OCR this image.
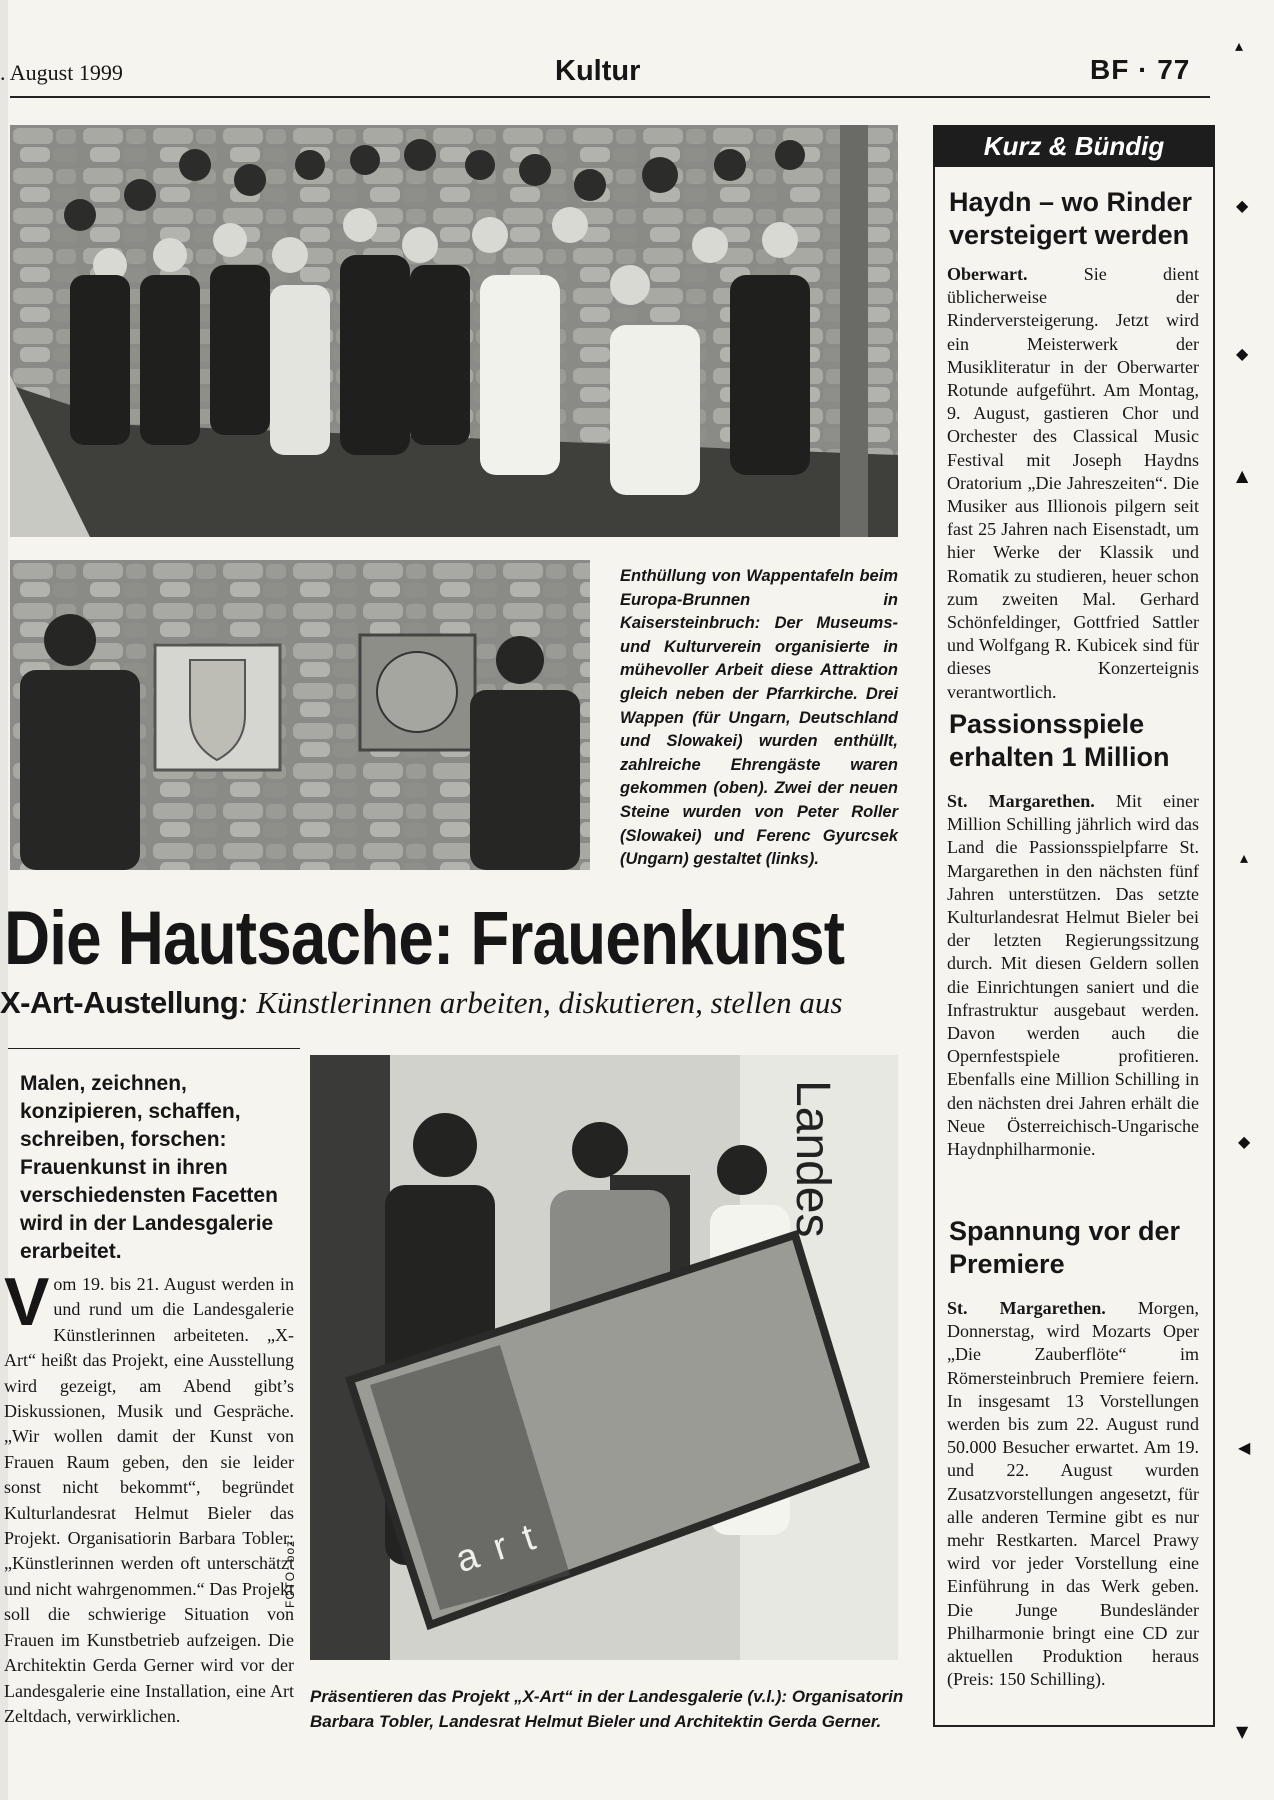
. August 1999	Kultur	BF · 77
Enthüllung von Wappentafeln beim Europa-Brunnen in Kaisersteinbruch: Der Museums- und Kulturverein organisierte in mühevoller Arbeit diese Attraktion gleich neben der Pfarrkirche. Drei Wappen (für Ungarn, Deutschland und Slowakei) wurden enthüllt, zahlreiche Ehrengäste waren gekommen (oben). Zwei der neuen Steine wurden von Peter Roller (Slowakei) und Ferenc Gyurcsek (Ungarn) gestaltet (links).
Die Hautsache: Frauenkunst
X-Art-Austellung: Künstlerinnen arbeiten, diskutieren, stellen aus
Malen, zeichnen, konzipieren, schaffen, schreiben, forschen: Frauenkunst in ihren verschiedensten Facetten wird in der Landesgalerie erarbeitet.
Vom 19. bis 21. August werden in und rund um die Landesgalerie Künstlerinnen arbeiteten. „X-Art“ heißt das Projekt, eine Ausstellung wird gezeigt, am Abend gibt’s Diskussionen, Musik und Gespräche. „Wir wollen damit der Kunst von Frauen Raum geben, den sie leider sonst nicht bekommt“, begründet Kulturlandesrat Helmut Bieler das Projekt. Organisatiorin Barbara Tobler: „Künstlerinnen werden oft unterschätzt und nicht wahrgenommen.“ Das Projekt soll die schwierige Situation von Frauen im Kunstbetrieb aufzeigen. Die Architektin Gerda Gerner wird vor der Landesgalerie eine Installation, eine Art Zeltdach, verwirklichen.
Landes
art
FOTO: boz
Präsentieren das Projekt „X-Art“ in der Landesgalerie (v.l.): Organisatorin Barbara Tobler, Landesrat Helmut Bieler und Architektin Gerda Gerner.
Kurz & Bündig
Haydn – wo Rinder versteigert werden
Oberwart. Sie dient üblicherweise der Rinderversteigerung. Jetzt wird ein Meisterwerk der Musikliteratur in der Oberwarter Rotunde aufgeführt. Am Montag, 9. August, gastieren Chor und Orchester des Classical Music Festival mit Joseph Haydns Oratorium „Die Jahreszeiten“. Die Musiker aus Illionois pilgern seit fast 25 Jahren nach Eisenstadt, um hier Werke der Klassik und Romatik zu studieren, heuer schon zum zweiten Mal. Gerhard Schönfeldinger, Gottfried Sattler und Wolfgang R. Kubicek sind für dieses Konzerteignis verantwortlich.
Passionsspiele erhalten 1 Million
St. Margarethen. Mit einer Million Schilling jährlich wird das Land die Passionsspielpfarre St. Margarethen in den nächsten fünf Jahren unterstützen. Das setzte Kulturlandesrat Helmut Bieler bei der letzten Regierungssitzung durch. Mit diesen Geldern sollen die Einrichtungen saniert und die Infrastruktur ausgebaut werden. Davon werden auch die Opernfestspiele profitieren. Ebenfalls eine Million Schilling in den nächsten drei Jahren erhält die Neue Österreichisch-Ungarische Haydnphilharmonie.
Spannung vor der Premiere
St. Margarethen. Morgen, Donnerstag, wird Mozarts Oper „Die Zauberflöte“ im Römersteinbruch Premiere feiern. In insgesamt 13 Vorstellungen werden bis zum 22. August rund 50.000 Besucher erwartet. Am 19. und 22. August wurden Zusatzvorstellungen angesetzt, für alle anderen Termine gibt es nur mehr Restkarten. Marcel Prawy wird vor jeder Vorstellung eine Einführung in das Werk geben. Die Junge Bundesländer Philharmonie bringt eine CD zur aktuellen Produktion heraus (Preis: 150 Schilling).
▴
◆
◆
▲
▴
◆
◀
▼
